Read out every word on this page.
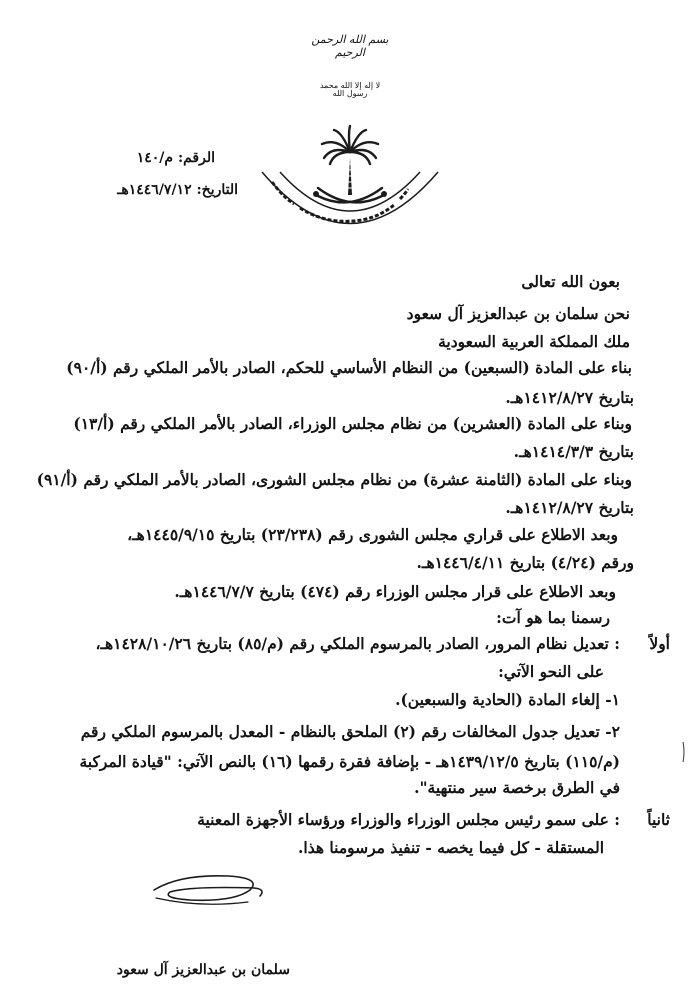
بسم الله الرحمن الرحيم
لا إله إلا الله محمد رسول الله
الرقم: م/١٤٠
التاريخ: ١٤٤٦/٧/١٢هـ
بعون الله تعالى
نحن سلمان بن عبدالعزيز آل سعود
ملك المملكة العربية السعودية
بناء على المادة (السبعين) من النظام الأساسي للحكم، الصادر بالأمر الملكي رقم (أ/٩٠)
بتاريخ ١٤١٢/٨/٢٧هـ.
وبناء على المادة (العشرين) من نظام مجلس الوزراء، الصادر بالأمر الملكي رقم (أ/١٣)
بتاريخ ١٤١٤/٣/٣هـ.
وبناء على المادة (الثامنة عشرة) من نظام مجلس الشورى، الصادر بالأمر الملكي رقم (أ/٩١)
بتاريخ ١٤١٢/٨/٢٧هـ.
وبعد الاطلاع على قراري مجلس الشورى رقم (٢٣/٢٣٨) بتاريخ ١٤٤٥/٩/١٥هـ،
ورقم (٤/٢٤) بتاريخ ١٤٤٦/٤/١١هـ.
وبعد الاطلاع على قرار مجلس الوزراء رقم (٤٧٤) بتاريخ ١٤٤٦/٧/٧هـ.
رسمنا بما هو آت:
أولاً
: تعديل نظام المرور، الصادر بالمرسوم الملكي رقم (م/٨٥) بتاريخ ١٤٢٨/١٠/٢٦هـ،
على النحو الآتي:
١- إلغاء المادة (الحادية والسبعين).
٢- تعديل جدول المخالفات رقم (٢) الملحق بالنظام - المعدل بالمرسوم الملكي رقم
(م/١١٥) بتاريخ ١٤٣٩/١٢/٥هـ - بإضافة فقرة رقمها (١٦) بالنص الآتي: "قيادة المركبة
في الطرق برخصة سير منتهية".
ثانياً
: على سمو رئيس مجلس الوزراء والوزراء ورؤساء الأجهزة المعنية
المستقلة - كل فيما يخصه - تنفيذ مرسومنا هذا.
سلمان بن عبدالعزيز آل سعود
